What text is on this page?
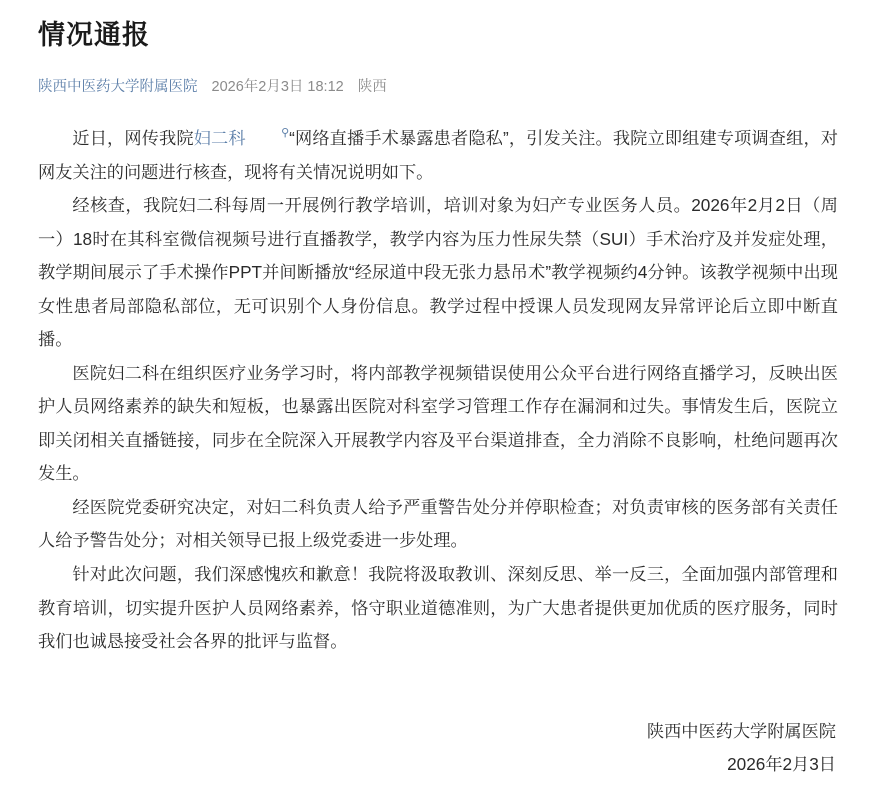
情况通报
陕西中医药大学附属医院 2026年2月3日 18:12 陕西

近日，网传我院妇二科	⚲“网络直播手术暴露患者隐私”，引发关注。我院立即组建专项调查组，对网友关注的问题进行核查，现将有关情况说明如下。

经核查，我院妇二科每周一开展例行教学培训，培训对象为妇产专业医务人员。2026年2月2日（周一）18时在其科室微信视频号进行直播教学，教学内容为压力性尿失禁（SUI）手术治疗及并发症处理，教学期间展示了手术操作PPT并间断播放“经尿道中段无张力悬吊术”教学视频约4分钟。该教学视频中出现女性患者局部隐私部位，无可识别个人身份信息。教学过程中授课人员发现网友异常评论后立即中断直播。

医院妇二科在组织医疗业务学习时，将内部教学视频错误使用公众平台进行网络直播学习，反映出医护人员网络素养的缺失和短板，也暴露出医院对科室学习管理工作存在漏洞和过失。事情发生后，医院立即关闭相关直播链接，同步在全院深入开展教学内容及平台渠道排查，全力消除不良影响，杜绝问题再次发生。

经医院党委研究决定，对妇二科负责人给予严重警告处分并停职检查；对负责审核的医务部有关责任人给予警告处分；对相关领导已报上级党委进一步处理。

针对此次问题，我们深感愧疚和歉意！我院将汲取教训、深刻反思、举一反三，全面加强内部管理和教育培训，切实提升医护人员网络素养，恪守职业道德准则，为广大患者提供更加优质的医疗服务，同时我们也诚恳接受社会各界的批评与监督。

陕西中医药大学附属医院
2026年2月3日
